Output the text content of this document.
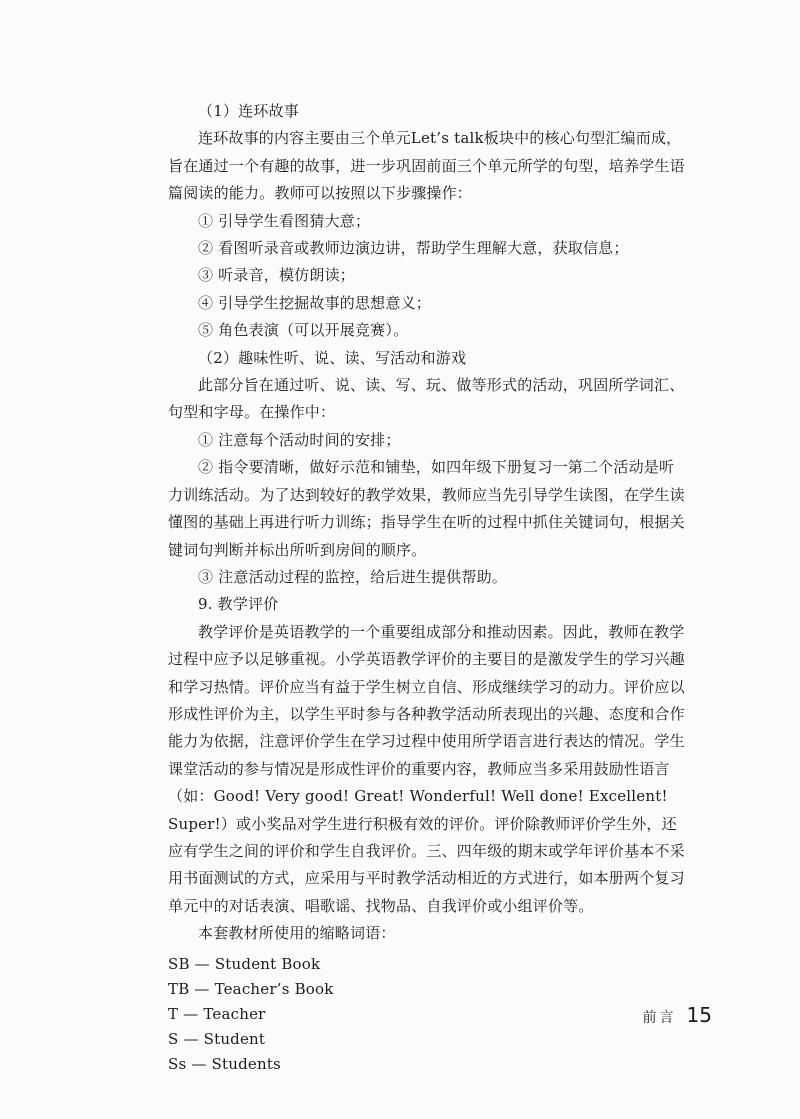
（1）连环故事

连环故事的内容主要由三个单元Let’s talk板块中的核心句型汇编而成，旨在通过一个有趣的故事，进一步巩固前面三个单元所学的句型，培养学生语篇阅读的能力。教师可以按照以下步骤操作：

① 引导学生看图猜大意；

② 看图听录音或教师边演边讲，帮助学生理解大意，获取信息；

③ 听录音，模仿朗读；

④ 引导学生挖掘故事的思想意义；

⑤ 角色表演（可以开展竞赛）。

（2）趣味性听、说、读、写活动和游戏

此部分旨在通过听、说、读、写、玩、做等形式的活动，巩固所学词汇、句型和字母。在操作中：

① 注意每个活动时间的安排；

② 指令要清晰，做好示范和铺垫，如四年级下册复习一第二个活动是听力训练活动。为了达到较好的教学效果，教师应当先引导学生读图，在学生读懂图的基础上再进行听力训练；指导学生在听的过程中抓住关键词句，根据关键词句判断并标出所听到房间的顺序。

③ 注意活动过程的监控，给后进生提供帮助。

9. 教学评价

教学评价是英语教学的一个重要组成部分和推动因素。因此，教师在教学过程中应予以足够重视。小学英语教学评价的主要目的是激发学生的学习兴趣和学习热情。评价应当有益于学生树立自信、形成继续学习的动力。评价应以形成性评价为主，以学生平时参与各种教学活动所表现出的兴趣、态度和合作能力为依据，注意评价学生在学习过程中使用所学语言进行表达的情况。学生课堂活动的参与情况是形成性评价的重要内容，教师应当多采用鼓励性语言（如：Good! Very good! Great! Wonderful! Well done! Excellent! Super!）或小奖品对学生进行积极有效的评价。评价除教师评价学生外，还应有学生之间的评价和学生自我评价。三、四年级的期末或学年评价基本不采用书面测试的方式，应采用与平时教学活动相近的方式进行，如本册两个复习单元中的对话表演、唱歌谣、找物品、自我评价或小组评价等。

本套教材所使用的缩略词语：

SB — Student Book

TB — Teacher’s Book

T — Teacher

S — Student

Ss — Students

前言 15
